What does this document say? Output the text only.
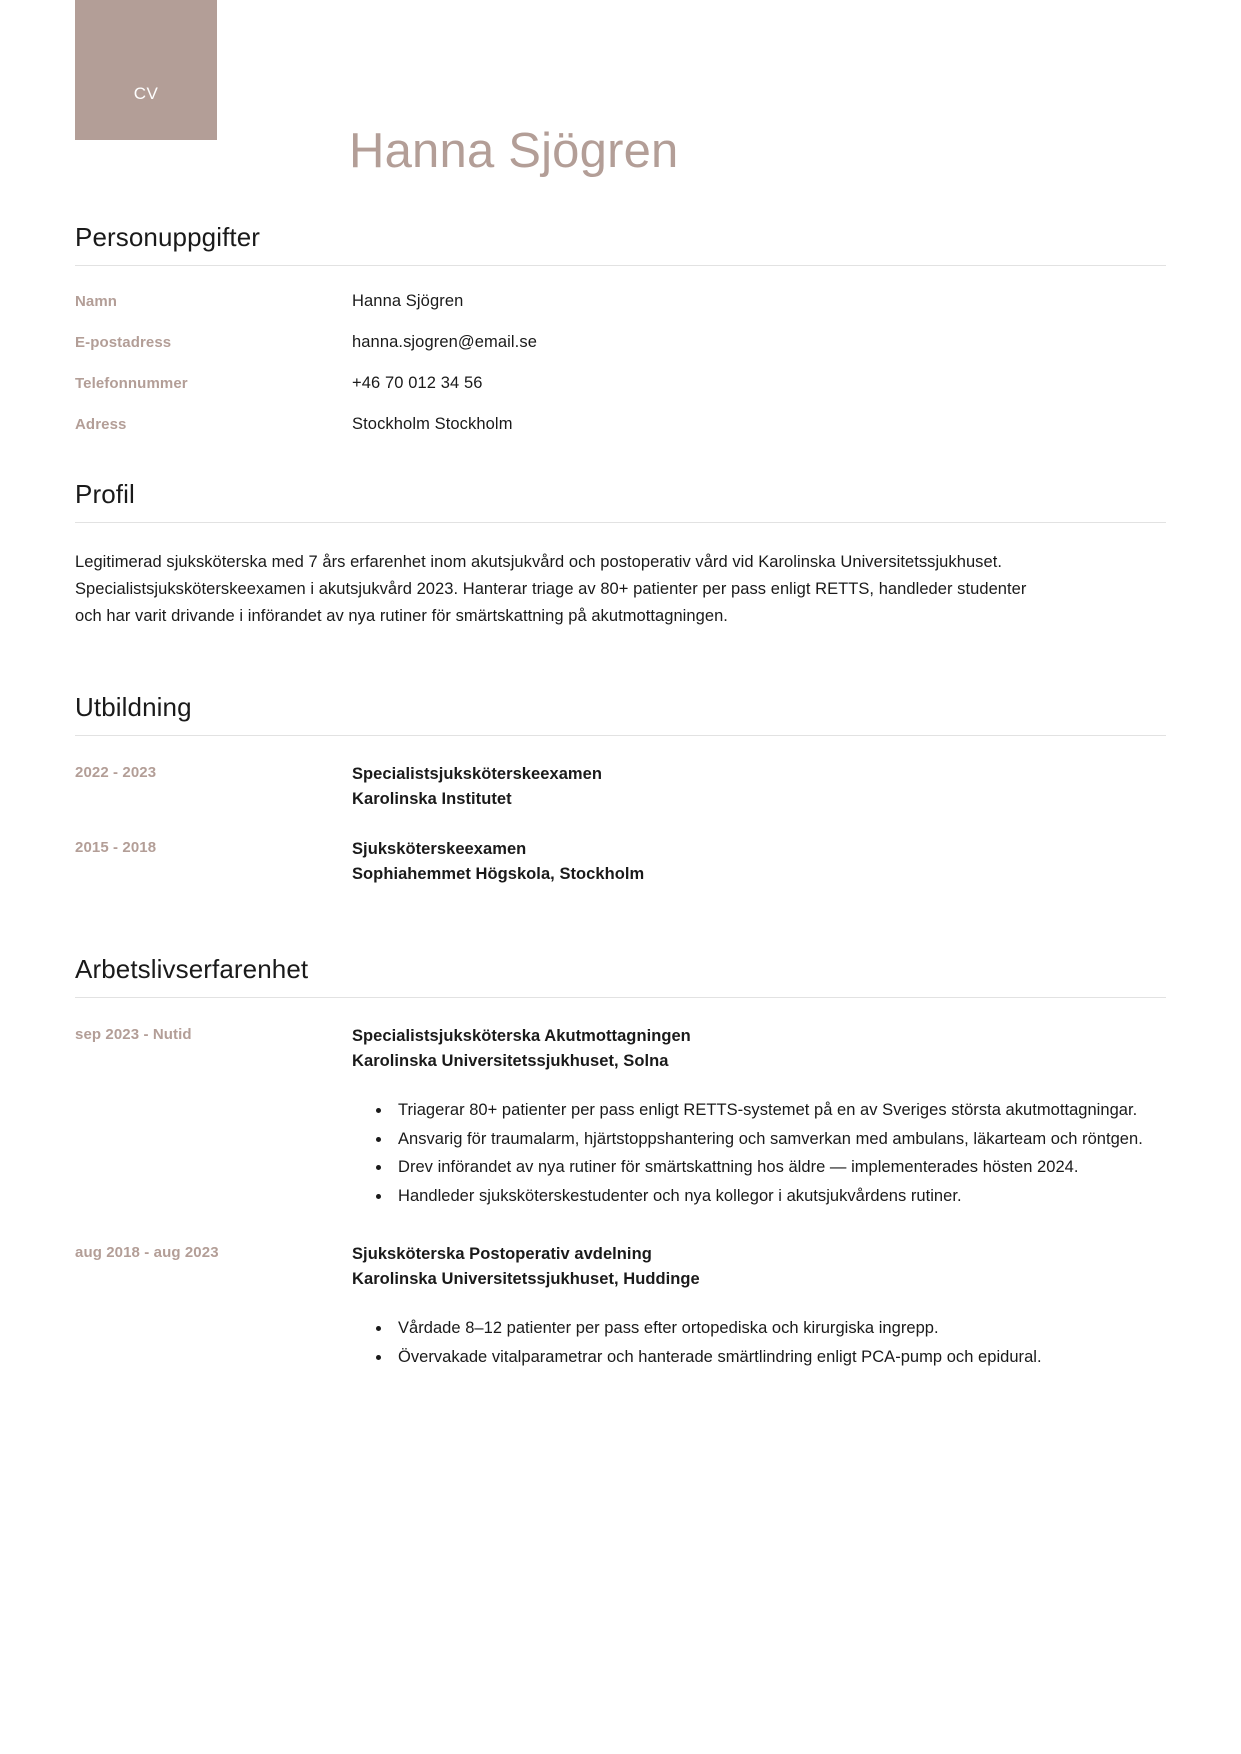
CV
Hanna Sjögren
Personuppgifter
Namn	Hanna Sjögren
E-postadress	hanna.sjogren@email.se
Telefonnummer	+46 70 012 34 56
Adress	Stockholm Stockholm
Profil

Legitimerad sjuksköterska med 7 års erfarenhet inom akutsjukvård och postoperativ vård vid Karolinska Universitetssjukhuset. Specialistsjuksköterskeexamen i akutsjukvård 2023. Hanterar triage av 80+ patienter per pass enligt RETTS, handleder studenter och har varit drivande i införandet av nya rutiner för smärtskattning på akutmottagningen.

Utbildning
2022 - 2023	Specialistsjuksköterskeexamen
Karolinska Institutet
2015 - 2018	Sjuksköterskeexamen
Sophiahemmet Högskola, Stockholm
Arbetslivserfarenhet
sep 2023 - Nutid	Specialistsjuksköterska Akutmottagningen
Karolinska Universitetssjukhuset, Solna
• Triagerar 80+ patienter per pass enligt RETTS-systemet på en av Sveriges största akutmottagningar.
• Ansvarig för traumalarm, hjärtstoppshantering och samverkan med ambulans, läkarteam och röntgen.
• Drev införandet av nya rutiner för smärtskattning hos äldre — implementerades hösten 2024.
• Handleder sjuksköterskestudenter och nya kollegor i akutsjukvårdens rutiner.
aug 2018 - aug 2023	Sjuksköterska Postoperativ avdelning
Karolinska Universitetssjukhuset, Huddinge
• Vårdade 8–12 patienter per pass efter ortopediska och kirurgiska ingrepp.
• Övervakade vitalparametrar och hanterade smärtlindring enligt PCA-pump och epidural.
